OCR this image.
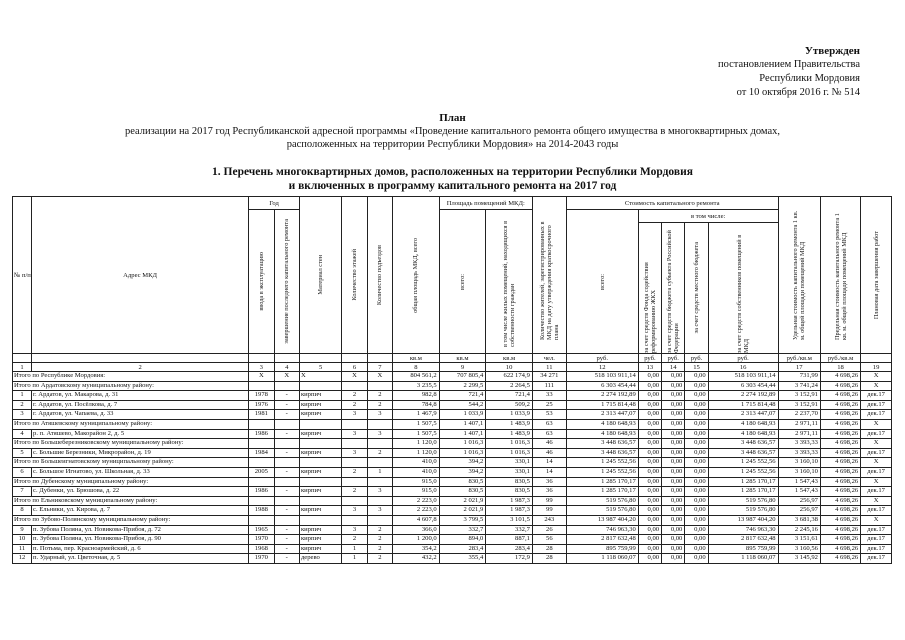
Утвержден
постановлением Правительства
Республики Мордовия
от 10 октября 2016 г. № 514
План
реализации на 2017 год Республиканской адресной программы «Проведение капитального ремонта общего имущества в многоквартирных домах,
расположенных на территории Республики Мордовия» на 2014-2043 годы
1. Перечень многоквартирных домов, расположенных на территории Республики Мордовия
и включенных в программу капитального ремонта на 2017 год
№ п/п	Адрес МКД	Год		Материал стен	Количество этажей	Количество подъездов	общая площадь МКД, всего	Площадь помещений МКД:		Количество жителей, зарегистрированных в МКД на дату утверждения краткосрочного плана	Стоимость капитального ремонта					Удельная стоимость капитального ремонта 1 кв. м. общей площади помещений МКД	Предельная стоимость капитального ремонта 1 кв. м. общей площади помещений МКД	Плановая дата завершения работ

		ввода в эксплуатацию	завершение последнего капитального ремонта					всего:	в том числе жилых помещений, находящихся в собственности граждан		всего:	в том числе:						

												за счет средств Фонда содействия реформированию ЖКХ	за счет средств бюджета субъекта Российской Федерации	за счет средств местного бюджета	за счет средств собственников помещений в МКД			

							кв.м	кв.м	кв.м	чел.	руб.	руб.	руб.	руб.	руб.	руб./кв.м	руб./кв.м	
1	2	3	4	5	6	7	8	9	10	11	12	13	14	15	16	17	18	19
Итого по Республике Мордовия:		X	X	X	X	X	804 561,2	707 805,4	622 174,9	34 271	518 103 911,14	0,00	0,00	0,00	518 103 911,14	731,99	4 698,26	X
Итого по Ардатовскому муниципальному району:							3 235,5	2 299,5	2 264,5	111	6 303 454,44	0,00	0,00	0,00	6 303 454,44	3 741,24	4 698,26	X
1	г. Ардатов, ул. Макарова, д. 31	1978	-	кирпич	2	2	982,8	721,4	721,4	33	2 274 192,89	0,00	0,00	0,00	2 274 192,89	3 152,91	4 698,26	дек.17
2	г. Ардатов, ул. Посёлкова, д. 7	1976	-	кирпич	2	2	784,8	544,2	509,2	25	1 715 814,48	0,00	0,00	0,00	1 715 814,48	3 152,91	4 698,26	дек.17
3	г. Ардатов, ул. Чапаева, д. 33	1981	-	кирпич	3	3	1 467,9	1 033,9	1 033,9	53	2 313 447,07	0,00	0,00	0,00	2 313 447,07	2 237,70	4 698,26	дек.17
Итого по Атяшевскому муниципальному району:							1 507,5	1 407,1	1 483,9	63	4 180 648,93	0,00	0,00	0,00	4 180 648,93	2 971,11	4 698,26	X
4	р. п. Атяшево, Макорайон 2, д. 5	1986	-	кирпич	3	3	1 507,5	1 407,1	1 483,9	63	4 180 648,93	0,00	0,00	0,00	4 180 648,93	2 971,11	4 698,26	дек.17
Итого по Большеберезниковскому муниципальному району:							1 120,0	1 016,3	1 016,3	46	3 448 636,57	0,00	0,00	0,00	3 448 636,57	3 393,33	4 698,26	X
5	с. Большие Березники, Микрорайон, д. 19	1984	-	кирпич	3	2	1 120,0	1 016,3	1 016,3	46	3 448 636,57	0,00	0,00	0,00	3 448 636,57	3 393,33	4 698,26	дек.17
Итого по Большеигнатовскому муниципальному району:							410,0	394,2	330,1	14	1 245 552,56	0,00	0,00	0,00	1 245 552,56	3 160,10	4 698,26	X
6	с. Большое Игнатово, ул. Школьная, д. 33	2005	-	кирпич	2	1	410,0	394,2	330,1	14	1 245 552,56	0,00	0,00	0,00	1 245 552,56	3 160,10	4 698,26	дек.17
Итого по Дубенскому муниципальному району:							915,0	830,5	830,5	36	1 285 170,17	0,00	0,00	0,00	1 285 170,17	1 547,43	4 698,26	X
7	с. Дубенки, ул. Брюшова, д. 22	1986	-	кирпич	2	3	915,0	830,5	830,5	36	1 285 170,17	0,00	0,00	0,00	1 285 170,17	1 547,43	4 698,26	дек.17
Итого по Ельниковскому муниципальному району:							2 223,0	2 021,9	1 987,3	99	519 576,80	0,00	0,00	0,00	519 576,80	256,97	4 698,26	X
8	с. Ельники, ул. Кирова, д. 7	1988	-	кирпич	3	3	2 223,0	2 021,9	1 987,3	99	519 576,80	0,00	0,00	0,00	519 576,80	256,97	4 698,26	дек.17
Итого по Зубово-Полянскому муниципальному району:							4 607,8	3 799,5	3 101,5	243	13 987 404,20	0,00	0,00	0,00	13 987 404,20	3 681,38	4 698,26	X
9	п. Зубова Поляна, ул. Новикова-Прибоя, д. 72	1965	-	кирпич	3	2	366,0	332,7	332,7	26	746 963,30	0,00	0,00	0,00	746 963,30	2 245,16	4 698,26	дек.17
10	п. Зубова Поляна, ул. Новикова-Прибоя, д. 90	1970	-	кирпич	2	2	1 200,0	894,0	887,1	56	2 817 632,48	0,00	0,00	0,00	2 817 632,48	3 151,61	4 698,26	дек.17
11	п. Потьма, пер. Красноармейский, д. 6	1968	-	кирпич	1	2	354,2	283,4	283,4	28	895 759,99	0,00	0,00	0,00	895 759,99	3 160,56	4 698,26	дек.17
12	п. Ударный, ул. Цветочная, д. 5	1970	-	дерево	1	2	432,2	355,4	172,9	28	1 118 060,07	0,00	0,00	0,00	1 118 060,07	3 145,92	4 698,26	дек.17
